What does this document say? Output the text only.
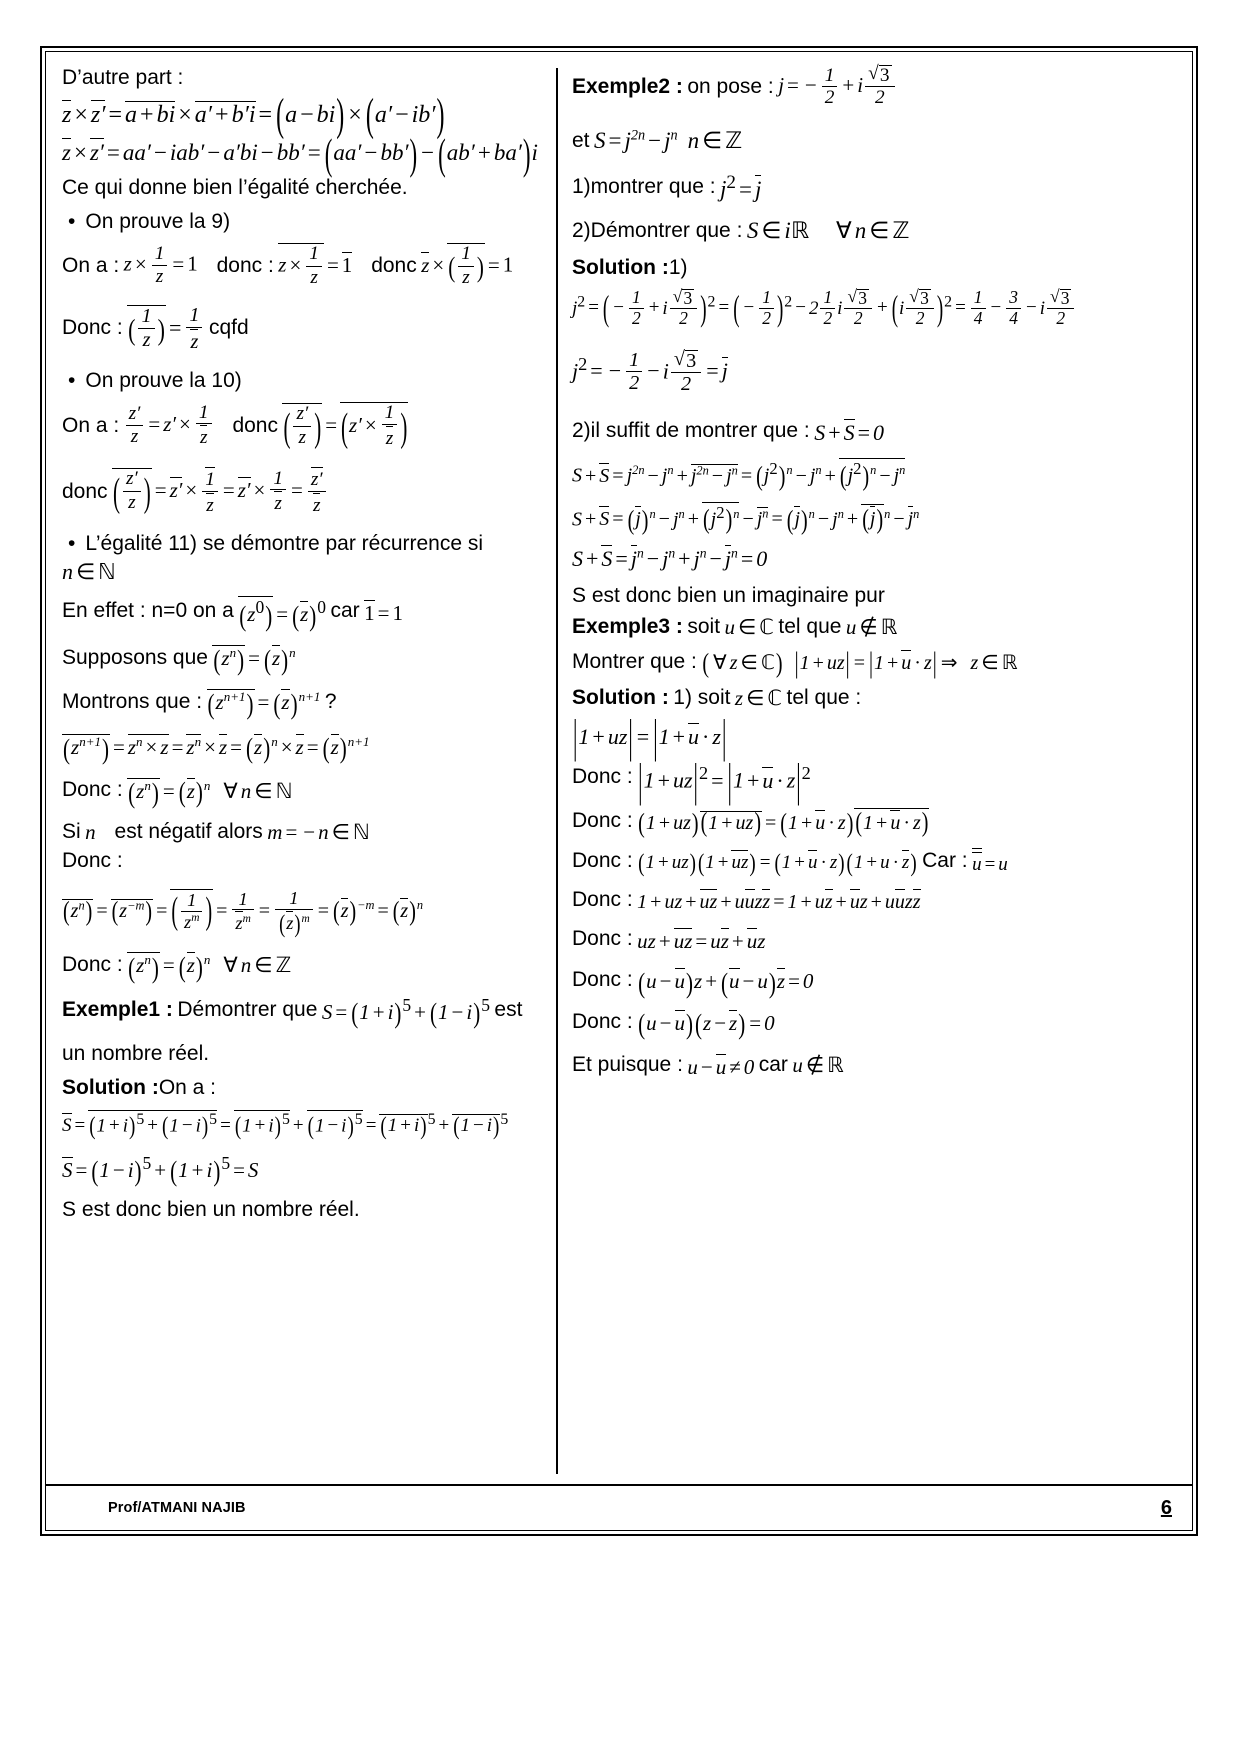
D’autre part :

z × z′ = a + bi × a′ + b′i = (a − bi) × (a′ − ib′)
z × z′ = aa′ − iab′ − a′bi − bb′ = (aa′ − bb′) − (ab′ + ba′)i

Ce qui donne bien l’égalité cherchée.

• On prouve la 9)

On a : $z \times \frac{1}{z} = 1$ donc : $z \times \frac{1}{z} = 1$ donc z × ( $\frac{1}{z}$ ) = 1
Donc : ( $\frac{1}{z}$ ) = $\frac{1}{z}$ cqfd

• On prouve la 10)

On a : $\frac{z'}{z} = z' \times \frac{1}{z}$ donc ( $\frac{z'}{z}$ ) = ($z' \times \frac{1}{z}$ )
donc ( $\frac{z'}{z}$ ) = $z' \times \frac{1}{z} = z' \times \frac{1}{z} = \frac{z'}{z}$

• L’égalité 11) se démontre par récurrence si

n ∈ ℕ
En effet : n=0 on a $(z^0) = (z)^0$ car 1 = 1
Supposons que $(z^n) = (z)^n$
Montrons que : $(z^{n+1}) = (z)^{n+1}$ ?
$(z^{n+1}) = z^n \times z = z^n \times z = (z)^n \times z = (z)^{n+1}$
Donc : $(z^n) = (z)^n$ ∀ n ∈ ℕ
Si n est négatif alors m = − n ∈ ℕ

Donc :

$(z^n) = (z^{-m})$ = ( $\frac{1}{z^m}$ ) = $\frac{1}{z^m} = \frac{1}{(z)^m} = (z)^{-m} = (z)^n$
Donc : $(z^n) = (z)^n$ ∀ n ∈ ℤ
Exemple1 : Démontrer que $S = (1 + i)^5 + (1 - i)^5$ est

un nombre réel.

Solution :On a :

$S = (1 + i)^5 + (1 - i)^5 = (1 + i)^5 + (1 - i)^5 = (1 + i)^5 + (1 - i)^5$
$S = (1 - i)^5 + (1 + i)^5 = S$

S est donc bien un nombre réel.

Exemple2 : on pose : j = − $\frac{1}{2} + i$ √ $\frac{3}{2}$
et $S = j^{2n} - j^n$ n ∈ ℤ
1)montrer que : $j^2 = j$
2)Démontrer que : S ∈ iℝ ∀ n ∈ ℤ

Solution :1)

$j^2$ = ( − $\frac{1}{2} + i$ √ $\frac{3}{2} )^2$ = ( − $\frac{1}{2} )^2 - 2 \frac{1}{2}$ i √ $\frac{3}{2} + (i$ √ $\frac{3}{2} )^2 = \frac{1}{4} - \frac{3}{4} - i$ √ $\frac{3}{2}$
$j^2$ = − $\frac{1}{2} - i$ √ $\frac{3}{2} = j$
2)il suffit de montrer que : S + S = 0
$S + S = j^{2n} - j^n + j^{2n} - j^n = (j^2)^n - j^n + (j^2)^n - j^n$
$S + S = (j)^n - j^n + (j^2)^n - j^n = (j)^n - j^n + (j)^n - j^n$
$S + S = j^n - j^n + j^n - j^n = 0$

S est donc bien un imaginaire pur

Exemple3 : soit u ∈ ℂ tel que u ∉ ℝ
Montrer que : ( ∀ z ∈ ℂ) |1 + uz| = |1 + u · z| ⇒ z ∈ ℝ
Solution : 1) soit z ∈ ℂ tel que :
|1 + uz| = |1 + u · z|
Donc : $|1 + uz|^2 = |1 + u \cdot z|^2$
Donc : (1 + uz) (1 + uz) = (1 + u · z) (1 + u · z)
Donc : (1 + uz) (1 + uz) = (1 + u · z) (1 + u · z) Car : u = u
Donc : 1 + uz + uz + uuzz = 1 + uz + uz + uuzz
Donc : uz + uz = uz + uz
Donc : (u − u)z + (u − u)z = 0
Donc : (u − u)(z − z) = 0
Et puisque : u − u ≠ 0 car u ∉ ℝ
Prof/ATMANI NAJIB	6
